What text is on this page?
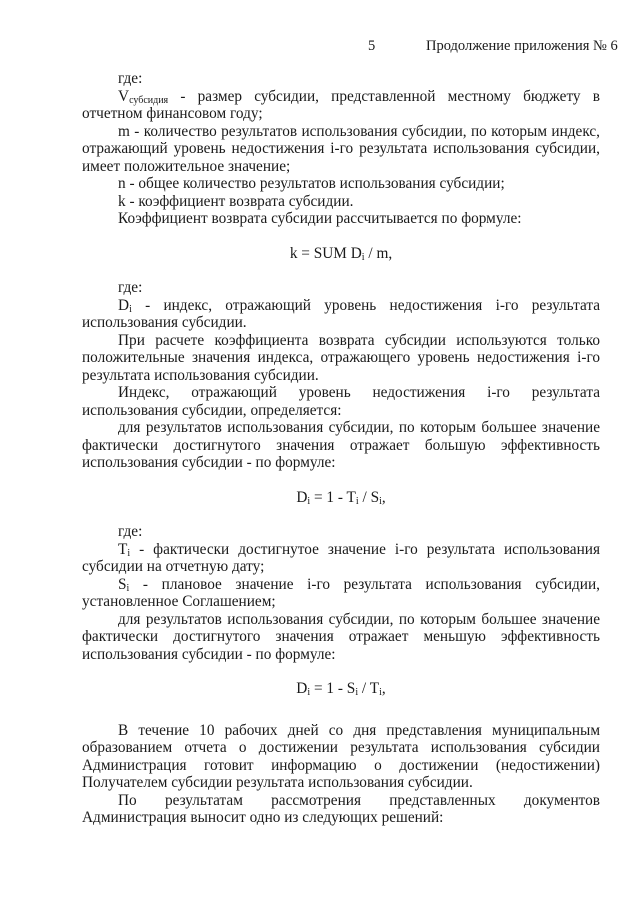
5	Продолжение приложения № 6

где:

$V_{субсидия}$ - размер субсидии, представленной местному бюджету в отчетном финансовом году;

m - количество результатов использования субсидии, по которым индекс, отражающий уровень недостижения i-го результата использования субсидии, имеет положительное значение;

n - общее количество результатов использования субсидии;

k - коэффициент возврата субсидии.

Коэффициент возврата субсидии рассчитывается по формуле:

k = SUM $D_i$ / m,

где:

$D_i$ - индекс, отражающий уровень недостижения i-го результата использования субсидии.

При расчете коэффициента возврата субсидии используются только положительные значения индекса, отражающего уровень недостижения i-го результата использования субсидии.

Индекс, отражающий уровень недостижения i-го результата использования субсидии, определяется:

для результатов использования субсидии, по которым большее значение фактически достигнутого значения отражает большую эффективность использования субсидии - по формуле:

$D_i = 1 - T_i / S_i$,

где:

$T_i$ - фактически достигнутое значение i-го результата использования субсидии на отчетную дату;

$S_i$ - плановое значение i-го результата использования субсидии, установленное Соглашением;

для результатов использования субсидии, по которым большее значение фактически достигнутого значения отражает меньшую эффективность использования субсидии - по формуле:

$D_i = 1 - S_i / T_i$,

В течение 10 рабочих дней со дня представления муниципальным образованием отчета о достижении результата использования субсидии Администрация готовит информацию о достижении (недостижении) Получателем субсидии результата использования субсидии.

По результатам рассмотрения представленных документов Администрация выносит одно из следующих решений:
